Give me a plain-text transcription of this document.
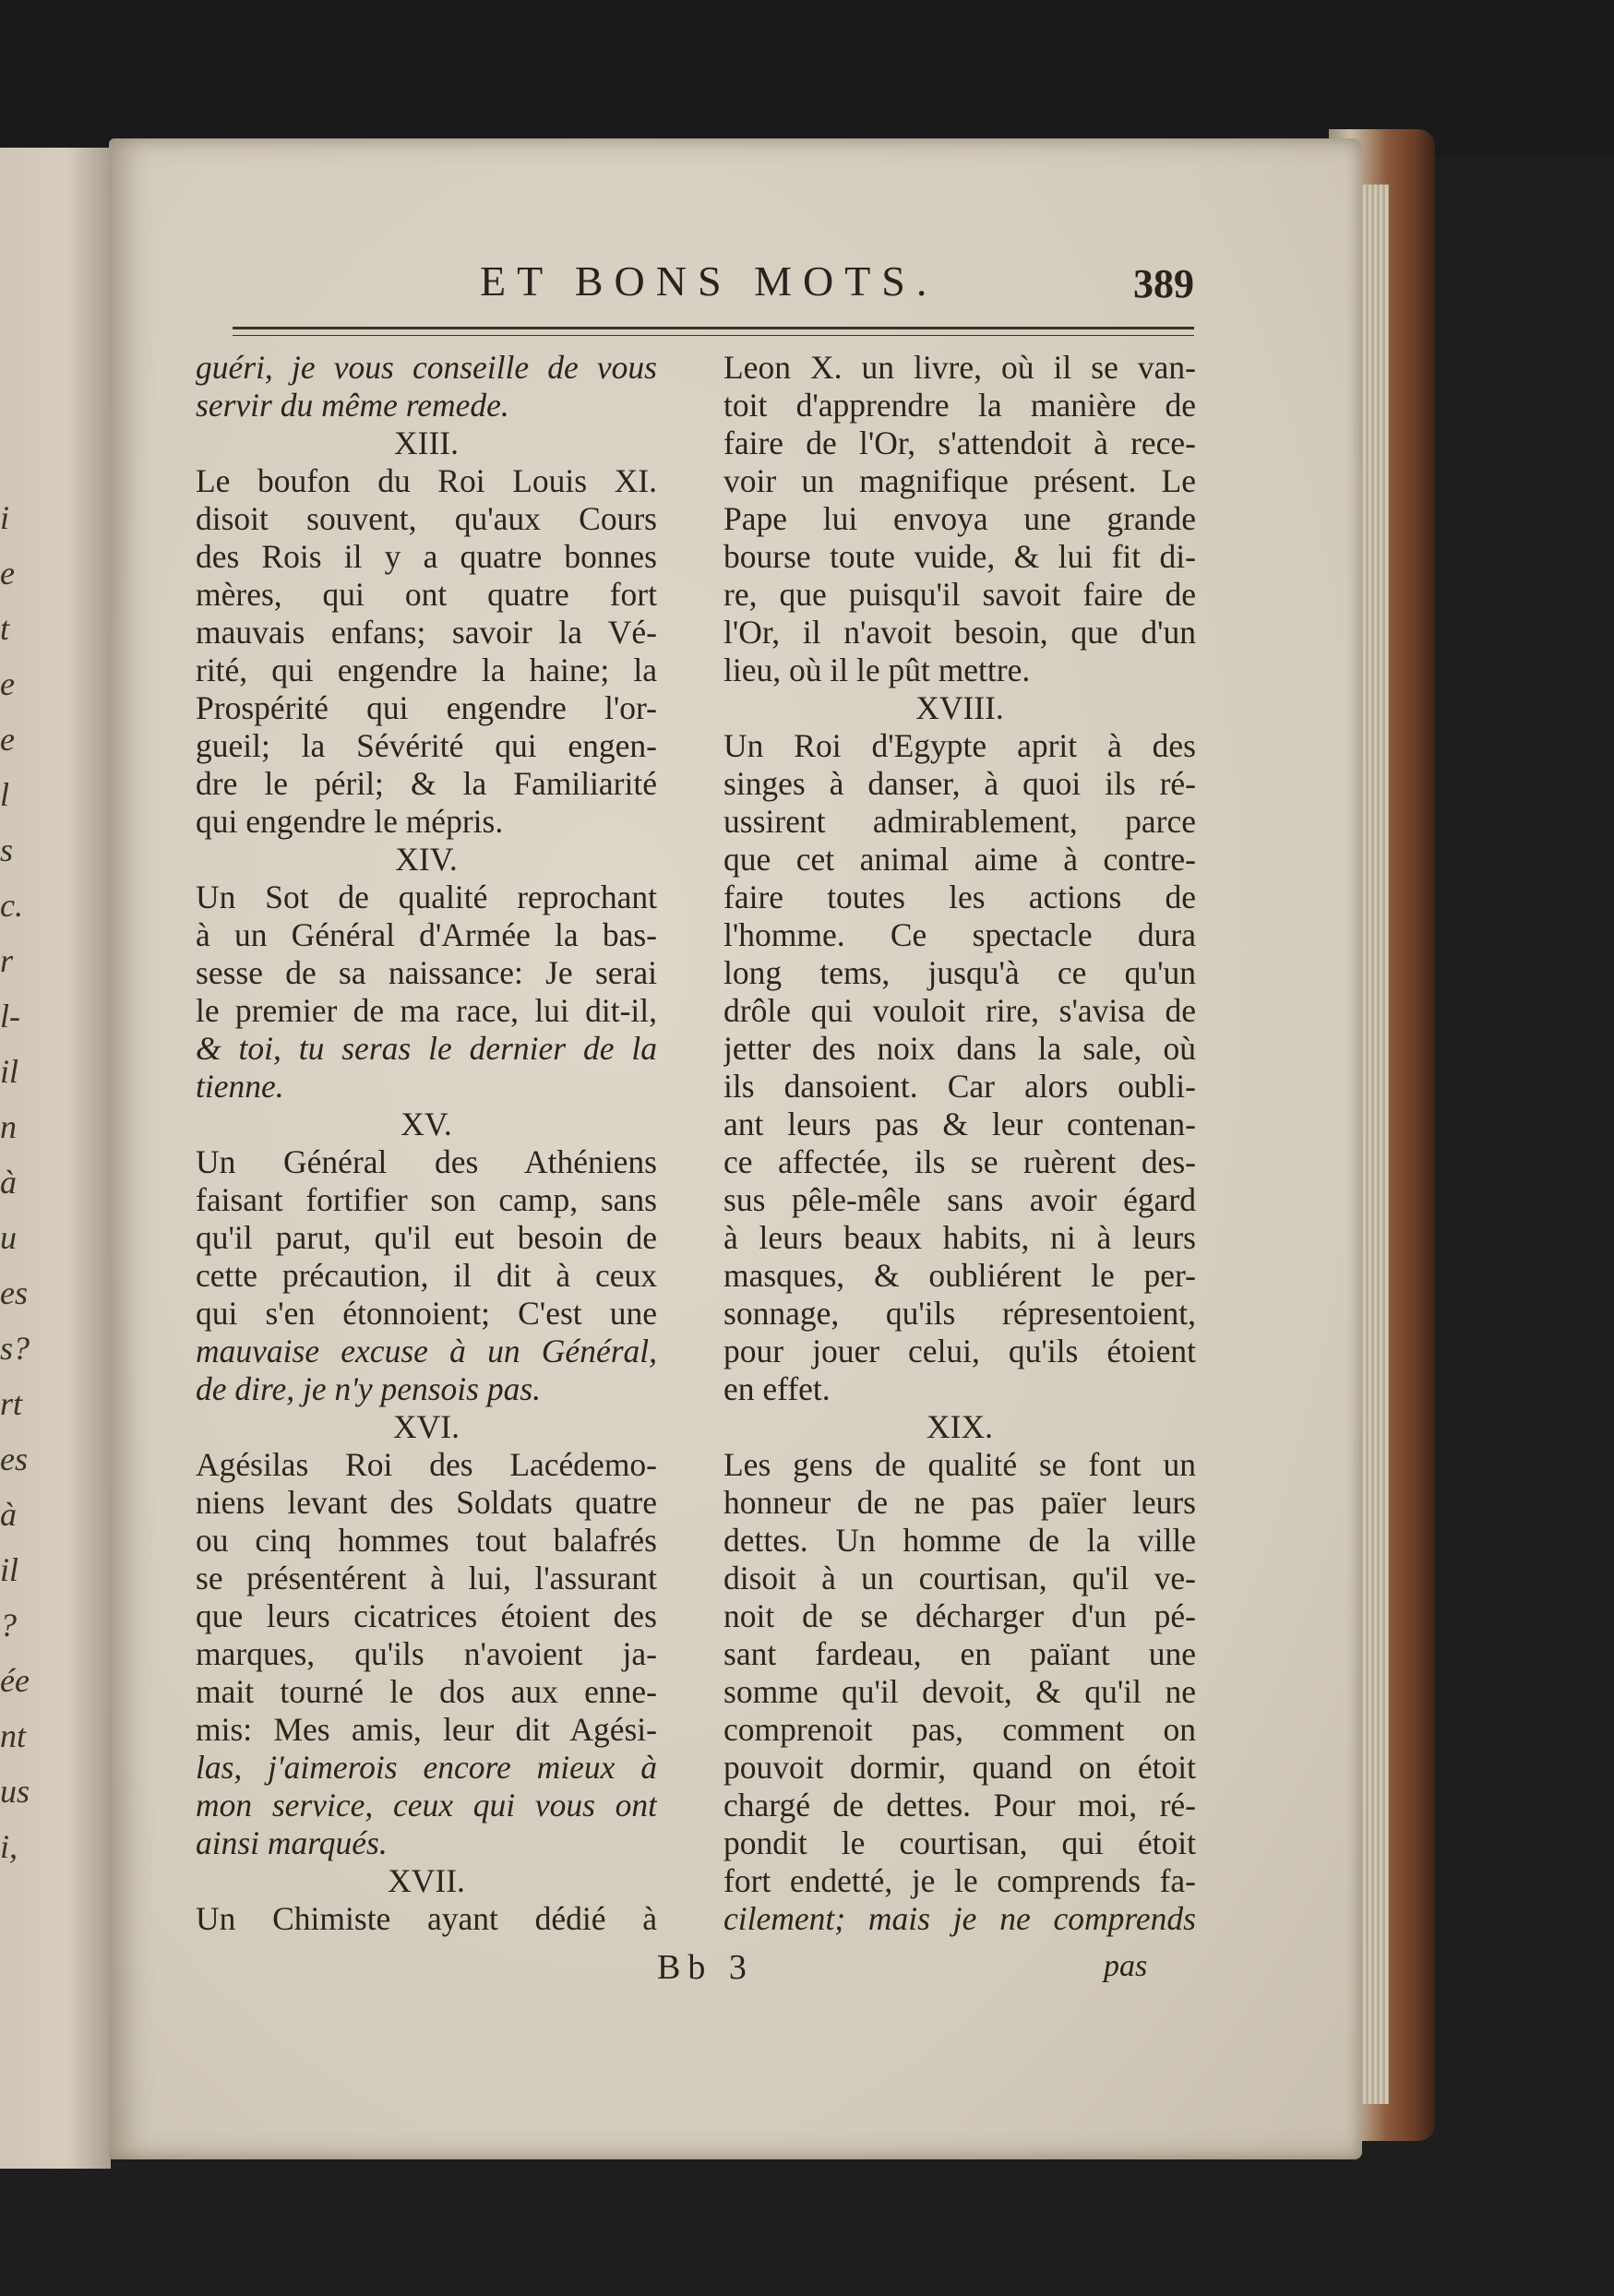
i
e
t
e
e
l
s
c.
r
l-
il
n
à
u
es
s?
rt
es
à
il
?
ée
nt
us
i,
ET BONS MOTS.	389
guéri, je vous conseille de vous
servir du même remede.
XIII.
Le boufon du Roi Louis XI.
disoit souvent, qu'aux Cours
des Rois il y a quatre bonnes
mères, qui ont quatre fort
mauvais enfans; savoir la Vé-
rité, qui engendre la haine; la
Prospérité qui engendre l'or-
gueil; la Sévérité qui engen-
dre le péril; & la Familiarité
qui engendre le mépris.
XIV.
Un Sot de qualité reprochant
à un Général d'Armée la bas-
sesse de sa naissance: Je serai
le premier de ma race, lui dit-il,
& toi, tu seras le dernier de la
tienne.
XV.
Un Général des Athéniens
faisant fortifier son camp, sans
qu'il parut, qu'il eut besoin de
cette précaution, il dit à ceux
qui s'en étonnoient; C'est une
mauvaise excuse à un Général,
de dire, je n'y pensois pas.
XVI.
Agésilas Roi des Lacédemo-
niens levant des Soldats quatre
ou cinq hommes tout balafrés
se présentérent à lui, l'assurant
que leurs cicatrices étoient des
marques, qu'ils n'avoient ja-
mait tourné le dos aux enne-
mis: Mes amis, leur dit Agési-
las, j'aimerois encore mieux à
mon service, ceux qui vous ont
ainsi marqués.
XVII.
Un Chimiste ayant dédié à
Leon X. un livre, où il se van-
toit d'apprendre la manière de
faire de l'Or, s'attendoit à rece-
voir un magnifique présent. Le
Pape lui envoya une grande
bourse toute vuide, & lui fit di-
re, que puisqu'il savoit faire de
l'Or, il n'avoit besoin, que d'un
lieu, où il le pût mettre.
XVIII.
Un Roi d'Egypte aprit à des
singes à danser, à quoi ils ré-
ussirent admirablement, parce
que cet animal aime à contre-
faire toutes les actions de
l'homme. Ce spectacle dura
long tems, jusqu'à ce qu'un
drôle qui vouloit rire, s'avisa de
jetter des noix dans la sale, où
ils dansoient. Car alors oubli-
ant leurs pas & leur contenan-
ce affectée, ils se ruèrent des-
sus pêle-mêle sans avoir égard
à leurs beaux habits, ni à leurs
masques, & oubliérent le per-
sonnage, qu'ils répresentoient,
pour jouer celui, qu'ils étoient
en effet.
XIX.
Les gens de qualité se font un
honneur de ne pas païer leurs
dettes. Un homme de la ville
disoit à un courtisan, qu'il ve-
noit de se décharger d'un pé-
sant fardeau, en païant une
somme qu'il devoit, & qu'il ne
comprenoit pas, comment on
pouvoit dormir, quand on étoit
chargé de dettes. Pour moi, ré-
pondit le courtisan, qui étoit
fort endetté, je le comprends fa-
cilement; mais je ne comprends
Bb 3	pas
